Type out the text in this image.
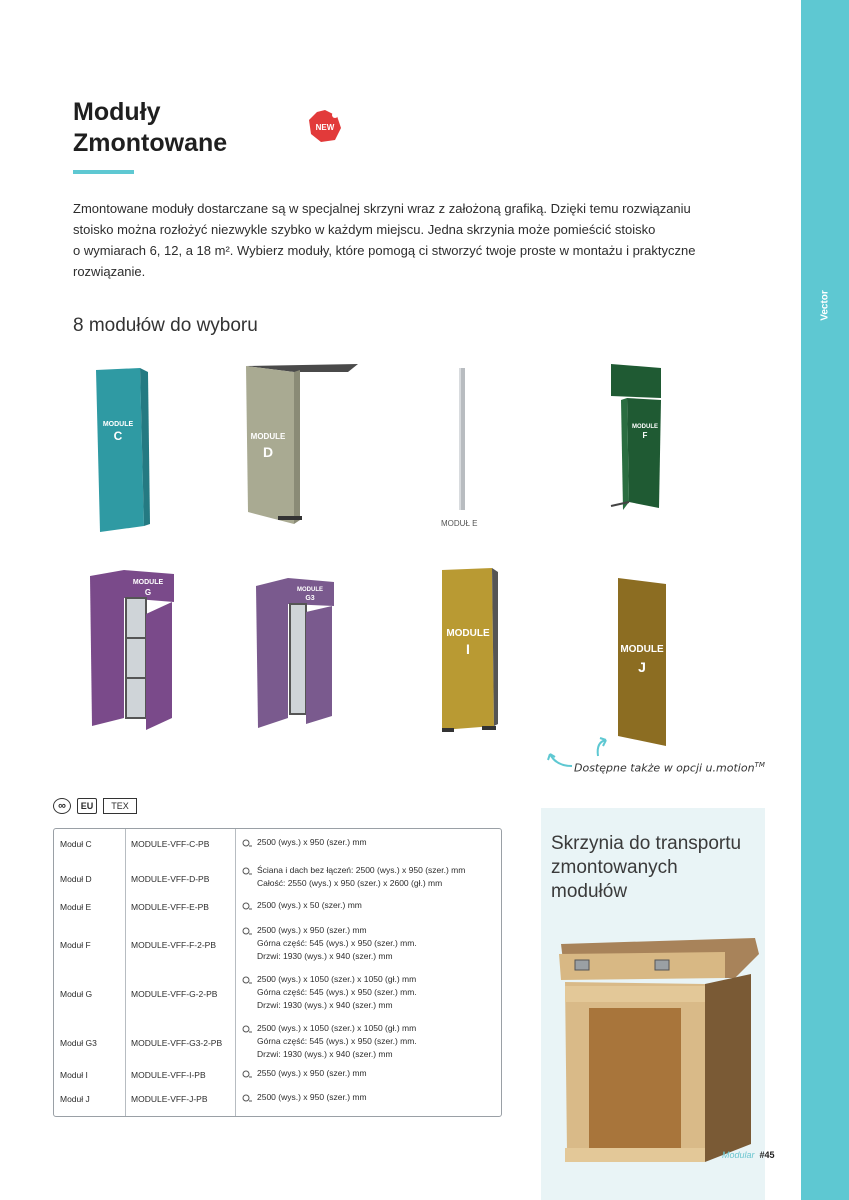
Vector
Moduły
Zmontowane
NEW
Zmontowane moduły dostarczane są w specjalnej skrzyni wraz z założoną grafiką. Dzięki temu rozwiązaniu
stoisko można rozłożyć niezwykle szybko w każdym miejscu. Jedna skrzynia może pomieścić stoisko
o wymiarach 6, 12, a 18 m². Wybierz moduły, które pomogą ci stworzyć twoje proste w montażu i praktyczne
rozwiązanie.
8 modułów do wyboru
MODULE
C	MODULE
D
MODUŁ E
MODULE
F
MODULE
G	MODULE
G3
MODULE
I	MODULE
J
Dostępne także w opcji u.motion™
∞	EU	TEX
Moduł C	MODULE-VFF-C-PB	2500 (wys.) x 950 (szer.) mm
Moduł D	MODULE-VFF-D-PB
Ściana i dach bez łączeń: 2500 (wys.) x 950 (szer.) mm
Całość: 2550 (wys.) x 950 (szer.) x 2600 (gł.) mm
Moduł E	MODULE-VFF-E-PB	2500 (wys.) x 50 (szer.) mm
Moduł F	MODULE-VFF-F-2-PB
2500 (wys.) x 950 (szer.) mm
Górna część: 545 (wys.) x 950 (szer.) mm.
Drzwi: 1930 (wys.) x 940 (szer.) mm
Moduł G	MODULE-VFF-G-2-PB
2500 (wys.) x 1050 (szer.) x 1050 (gł.) mm
Górna część: 545 (wys.) x 950 (szer.) mm.
Drzwi: 1930 (wys.) x 940 (szer.) mm
Moduł G3	MODULE-VFF-G3-2-PB
2500 (wys.) x 1050 (szer.) x 1050 (gł.) mm
Górna część: 545 (wys.) x 950 (szer.) mm.
Drzwi: 1930 (wys.) x 940 (szer.) mm
Moduł I	MODULE-VFF-I-PB	2550 (wys.) x 950 (szer.) mm
Moduł J	MODULE-VFF-J-PB	2500 (wys.) x 950 (szer.) mm
Skrzynia do transportu
zmontowanych
modułów
Modular #45
